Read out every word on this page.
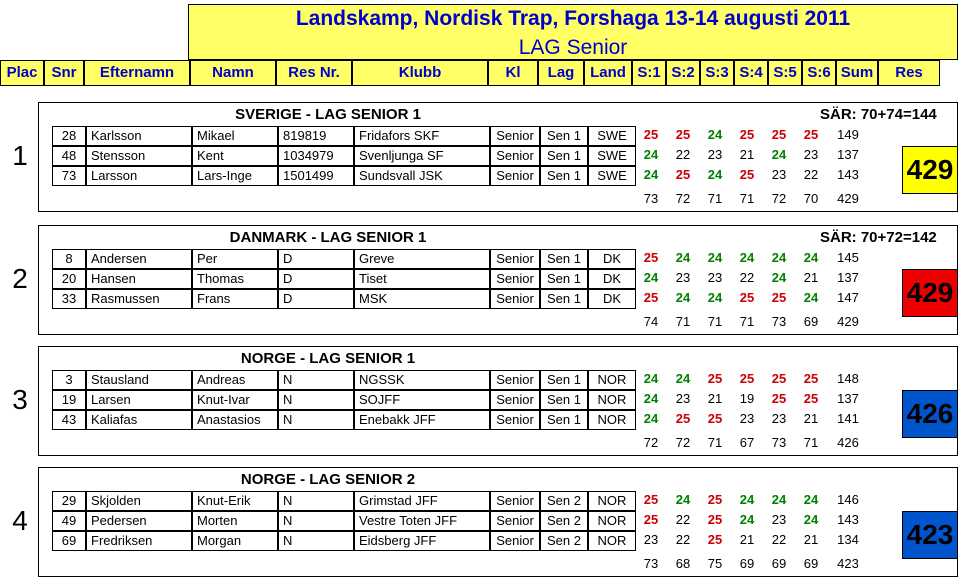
Landskamp, Nordisk Trap, Forshaga 13-14 augusti 2011
LAG Senior
Plac Snr	Efternamn	Namn	Res Nr.	Klubb	Kl	Lag	Land S:1 S:2 S:3 S:4 S:5 S:6 Sum	Res
1
SVERIGE - LAG SENIOR 1	SÄR: 70+74=144
28	Karlsson	Mikael	819819	Fridafors SKF	Senior	Sen 1	SWE	25	25	24	25	25	25	149
48	Stensson	Kent	1034979	Svenljunga SF	Senior	Sen 1	SWE	24	22	23	21	24	23	137
73	Larsson	Lars-Inge	1501499	Sundsvall JSK	Senior	Sen 1	SWE	24	25	24	25	23	22	143
73	72	71	71	72	70	429
429
2
DANMARK - LAG SENIOR 1	SÄR: 70+72=142
8	Andersen	Per	D	Greve	Senior	Sen 1	DK	25	24	24	24	24	24	145
20	Hansen	Thomas	D	Tiset	Senior	Sen 1	DK	24	23	23	22	24	21	137
33	Rasmussen	Frans	D	MSK	Senior	Sen 1	DK	25	24	24	25	25	24	147
74	71	71	71	73	69	429
429
3
NORGE - LAG SENIOR 1
3	Stausland	Andreas	N	NGSSK	Senior	Sen 1	NOR	24	24	25	25	25	25	148
19	Larsen	Knut-Ivar	N	SOJFF	Senior	Sen 1	NOR	24	23	21	19	25	25	137
43	Kaliafas	Anastasios	N	Enebakk JFF	Senior	Sen 1	NOR	24	25	25	23	23	21	141
72	72	71	67	73	71	426
426
4
NORGE - LAG SENIOR 2
29	Skjolden	Knut-Erik	N	Grimstad JFF	Senior	Sen 2	NOR	25	24	25	24	24	24	146
49	Pedersen	Morten	N	Vestre Toten JFF	Senior	Sen 2	NOR	25	22	25	24	23	24	143
69	Fredriksen	Morgan	N	Eidsberg JFF	Senior	Sen 2	NOR	23	22	25	21	22	21	134
73	68	75	69	69	69	423
423
